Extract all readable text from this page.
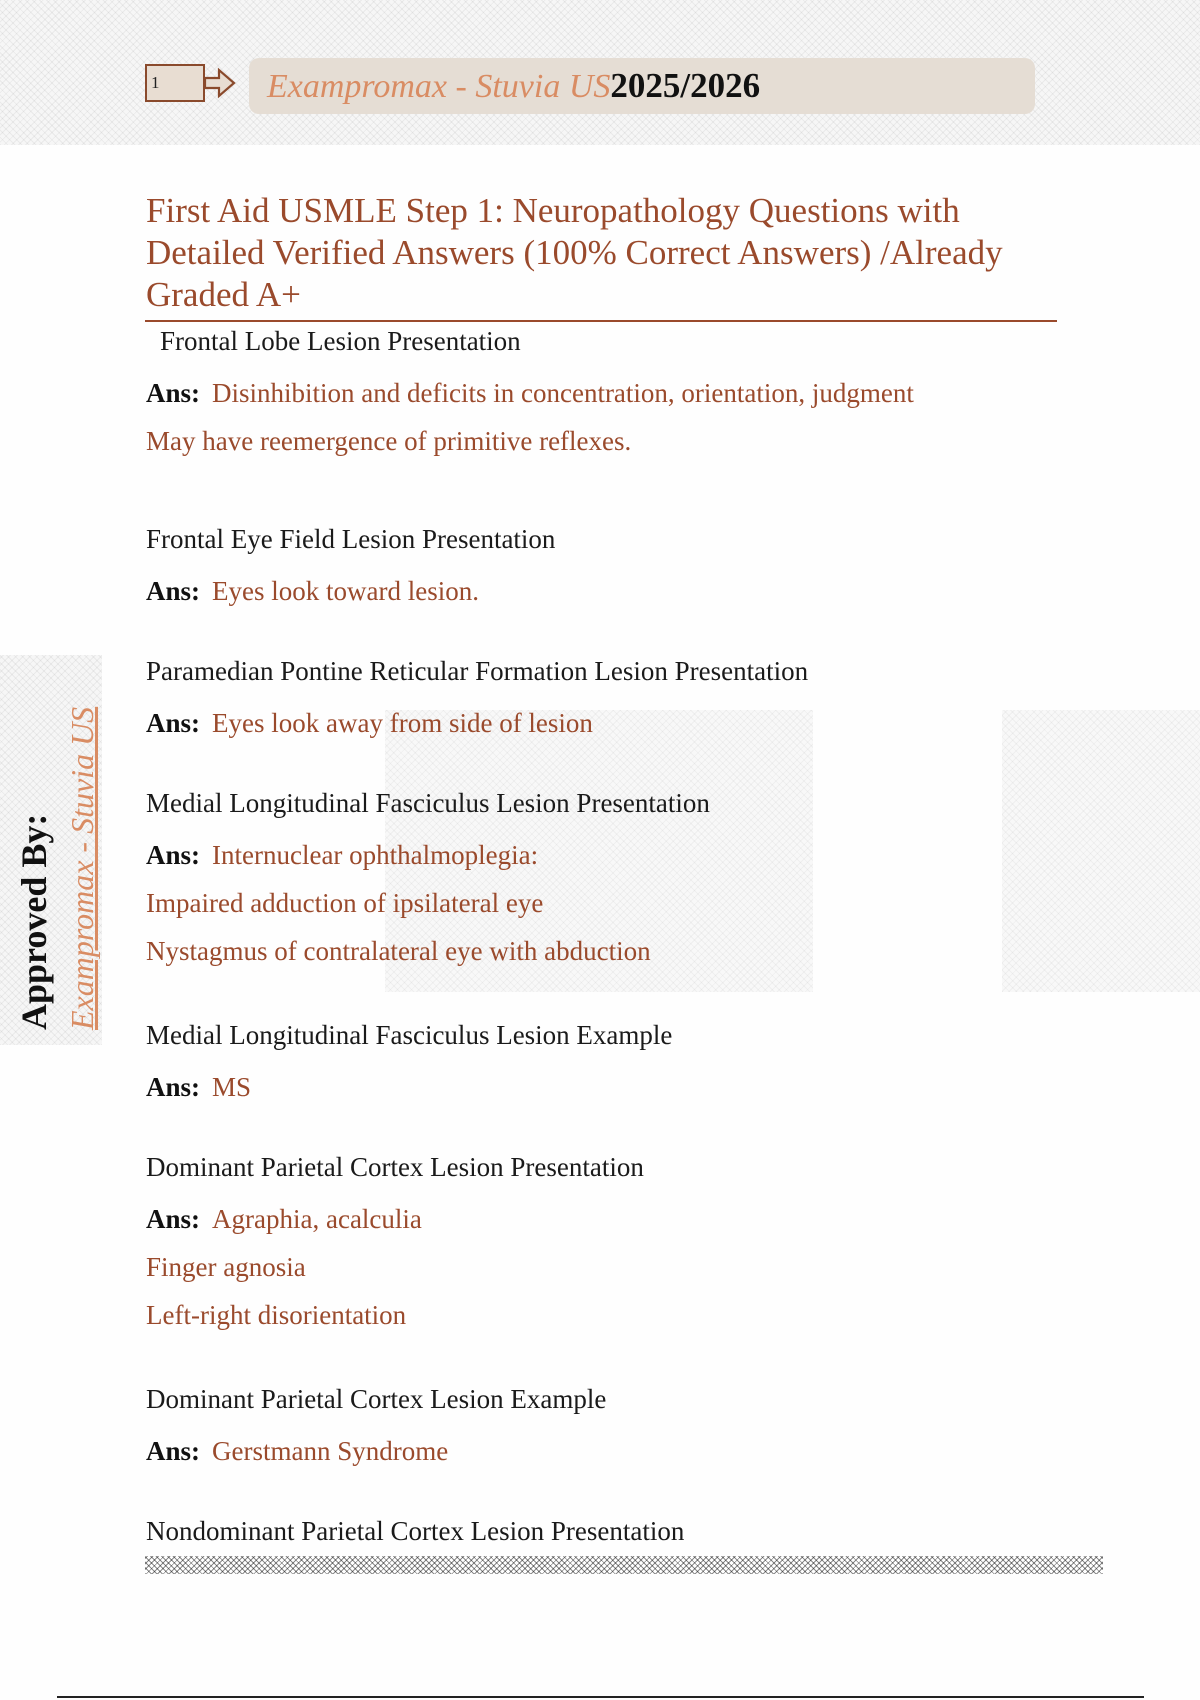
1	Exampromax - Stuvia US2025/2026
Approved By: Exampromax - Stuvia US
First Aid USMLE Step 1: Neuropathology Questions with Detailed Verified Answers (100% Correct Answers) /Already Graded A+
Frontal Lobe Lesion Presentation
Ans: Disinhibition and deficits in concentration, orientation, judgment
May have reemergence of primitive reflexes.
Frontal Eye Field Lesion Presentation
Ans: Eyes look toward lesion.
Paramedian Pontine Reticular Formation Lesion Presentation
Ans: Eyes look away from side of lesion
Medial Longitudinal Fasciculus Lesion Presentation
Ans: Internuclear ophthalmoplegia:
Impaired adduction of ipsilateral eye
Nystagmus of contralateral eye with abduction
Medial Longitudinal Fasciculus Lesion Example
Ans: MS
Dominant Parietal Cortex Lesion Presentation
Ans: Agraphia, acalculia
Finger agnosia
Left-right disorientation
Dominant Parietal Cortex Lesion Example
Ans: Gerstmann Syndrome
Nondominant Parietal Cortex Lesion Presentation
